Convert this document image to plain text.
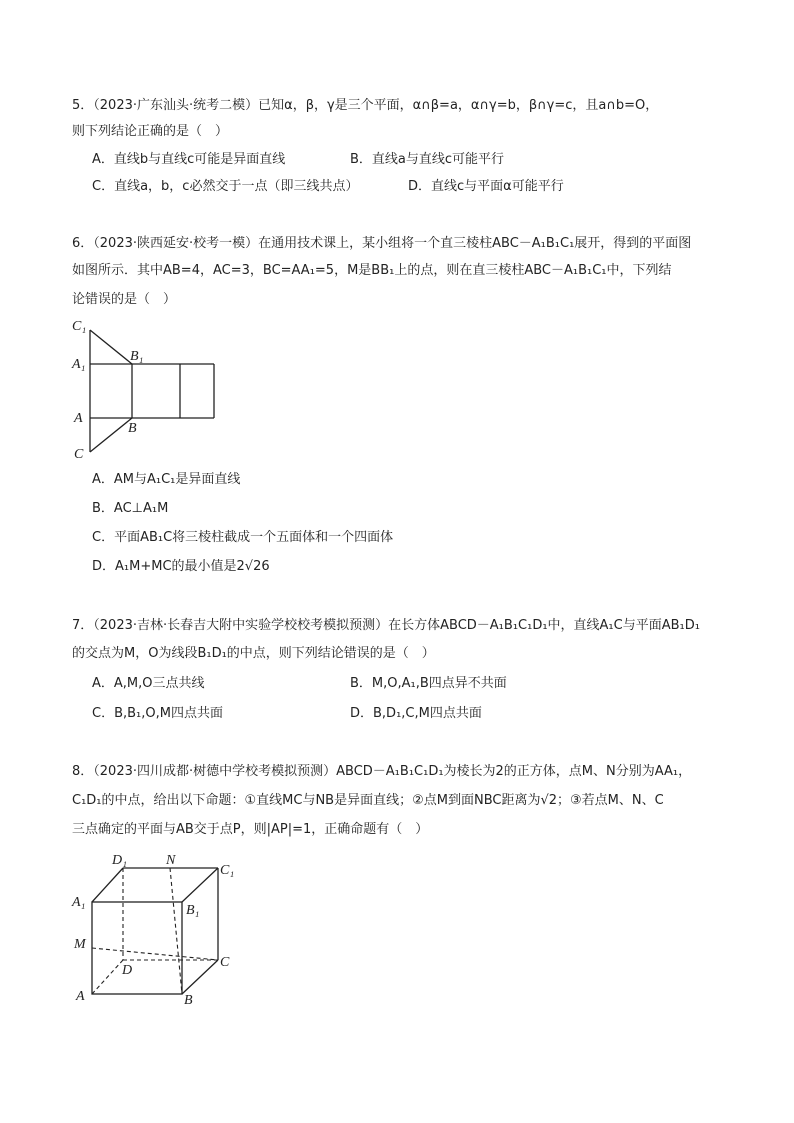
5．（2023·广东汕头·统考二模）已知α，β，γ是三个平面，α∩β=a，α∩γ=b，β∩γ=c，且a∩b=O，
则下列结论正确的是（　）
A．直线b与直线c可能是异面直线	B．直线a与直线c可能平行
C．直线a，b，c必然交于一点（即三线共点）	D．直线c与平面α可能平行
6．（2023·陕西延安·校考一模）在通用技术课上，某小组将一个直三棱柱ABC－A₁B₁C₁展开，得到的平面图
如图所示．其中AB=4，AC=3，BC=AA₁=5，M是BB₁上的点，则在直三棱柱ABC－A₁B₁C₁中，下列结
论错误的是（　）
C₁
A₁
B₁
A
B
C
A．AM与A₁C₁是异面直线
B．AC⊥A₁M
C．平面AB₁C将三棱柱截成一个五面体和一个四面体
D．A₁M+MC的最小值是2√26
7．（2023·吉林·长春吉大附中实验学校校考模拟预测）在长方体ABCD－A₁B₁C₁D₁中，直线A₁C与平面AB₁D₁
的交点为M，O为线段B₁D₁的中点，则下列结论错误的是（　）
A．A,M,O三点共线	B．M,O,A₁,B四点异不共面
C．B,B₁,O,M四点共面	D．B,D₁,C,M四点共面
8．（2023·四川成都·树德中学校考模拟预测）ABCD－A₁B₁C₁D₁为棱长为2的正方体，点M、N分别为AA₁，
C₁D₁的中点，给出以下命题：①直线MC与NB是异面直线；②点M到面NBC距离为√2；③若点M、N、C
三点确定的平面与AB交于点P，则|AP|=1，正确命题有（　）
D₁	N
C₁
A₁
B₁
M
D
C
A	B
